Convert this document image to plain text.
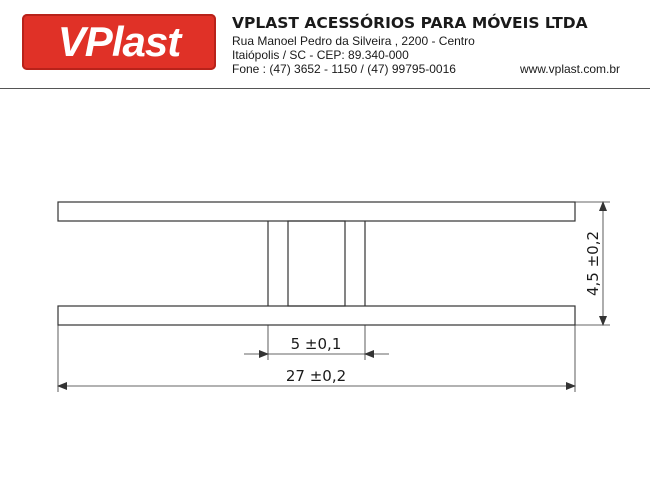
VPlast	VPLAST ACESSÓRIOS PARA MÓVEIS LTDA
Rua Manoel Pedro da Silveira , 2200 - Centro
Itaiópolis / SC - CEP: 89.340-000
Fone : (47) 3652 - 1150 / (47) 99795-0016	www.vplast.com.br
5 ±0,1
27 ±0,2
4,5 ±0,2
